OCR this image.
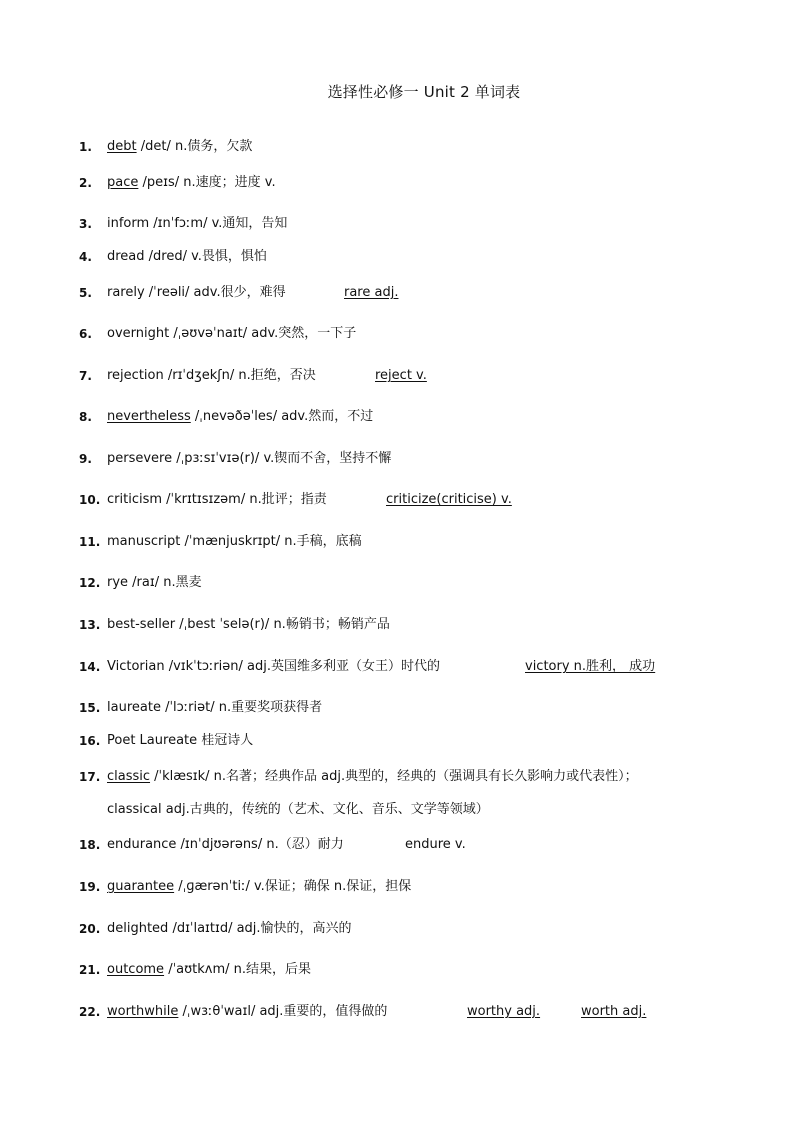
选择性必修一 Unit 2 单词表
1. debt /det/ n.债务，欠款
2. pace /peɪs/ n.速度；进度 v.
3. inform /ɪnˈfɔːm/ v.通知，告知
4. dread /dred/ v.畏惧，惧怕
5. rarely /ˈreəli/ adv.很少，难得	rare adj.
6. overnight /ˌəʊvəˈnaɪt/ adv.突然，一下子
7. rejection /rɪˈdʒekʃn/ n.拒绝，否决	reject v.
8. nevertheless /ˌnevəðəˈles/ adv.然而，不过
9. persevere /ˌpɜːsɪˈvɪə(r)/ v.锲而不舍，坚持不懈
10. criticism /ˈkrɪtɪsɪzəm/ n.批评；指责	criticize(criticise) v.
11. manuscript /ˈmænjuskrɪpt/ n.手稿，底稿
12. rye /raɪ/ n.黑麦
13. best-seller /ˌbest ˈselə(r)/ n.畅销书；畅销产品
14. Victorian /vɪkˈtɔːriən/ adj.英国维多利亚（女王）时代的	victory n.胜利， 成功
15. laureate /ˈlɔːriət/ n.重要奖项获得者
16. Poet Laureate 桂冠诗人
17. classic /ˈklæsɪk/ n.名著；经典作品 adj.典型的，经典的（强调具有长久影响力或代表性）；
classical adj.古典的，传统的（艺术、文化、音乐、文学等领域）
18. endurance /ɪnˈdjʊərəns/ n.（忍）耐力	endure v.
19. guarantee /ˌɡærənˈtiː/ v.保证；确保 n.保证，担保
20. delighted /dɪˈlaɪtɪd/ adj.愉快的，高兴的
21. outcome /ˈaʊtkʌm/ n.结果，后果
22. worthwhile /ˌwɜːθˈwaɪl/ adj.重要的，值得做的	worthy adj.	worth adj.
